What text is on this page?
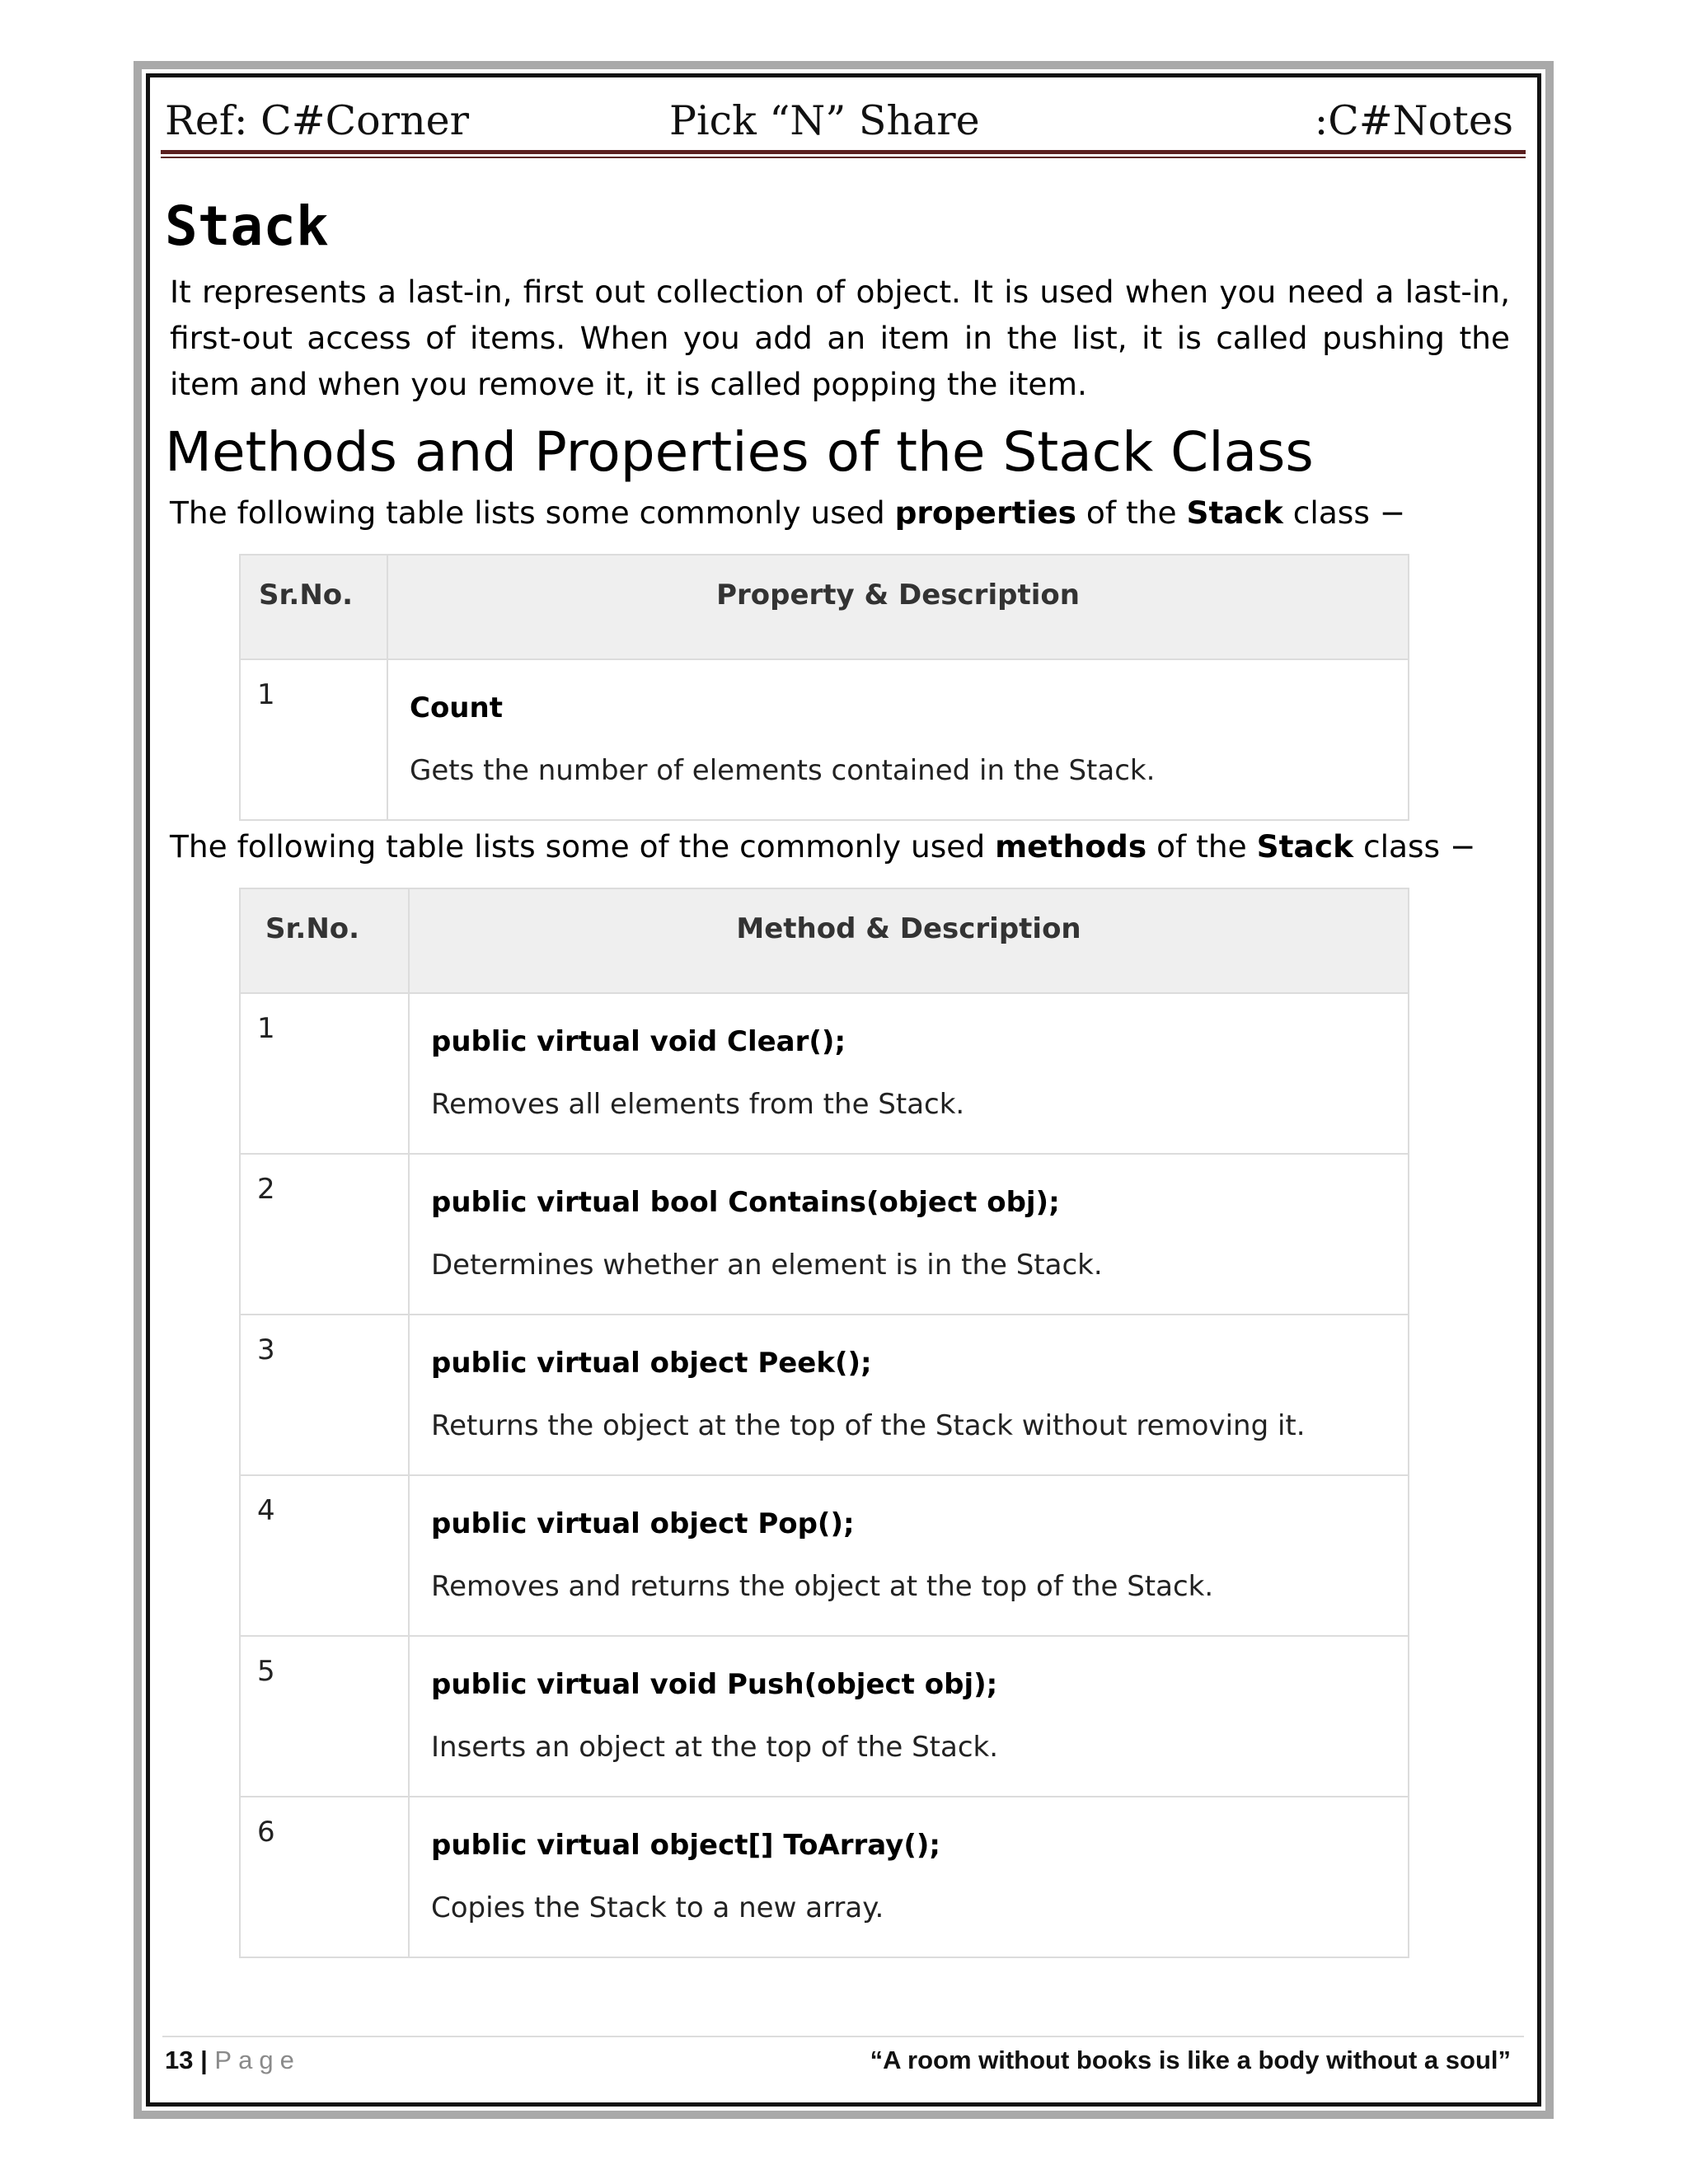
Ref: C#Corner	Pick “N” Share	:C#Notes
Stack
It represents a last-in, first out collection of object. It is used when you need a last-in, first-out access of items. When you add an item in the list, it is called pushing the item and when you remove it, it is called popping the item.
Methods and Properties of the Stack Class
The following table lists some commonly used properties of the Stack class −
Sr.No.	Property & Description
1	Count
Gets the number of elements contained in the Stack.
The following table lists some of the commonly used methods of the Stack class −
Sr.No.	Method & Description
1	public virtual void Clear();
Removes all elements from the Stack.

2	public virtual bool Contains(object obj);
Determines whether an element is in the Stack.

3	public virtual object Peek();
Returns the object at the top of the Stack without removing it.

4	public virtual object Pop();
Removes and returns the object at the top of the Stack.

5	public virtual void Push(object obj);
Inserts an object at the top of the Stack.

6	public virtual object[] ToArray();
Copies the Stack to a new array.
13 | Page	“A room without books is like a body without a soul”
